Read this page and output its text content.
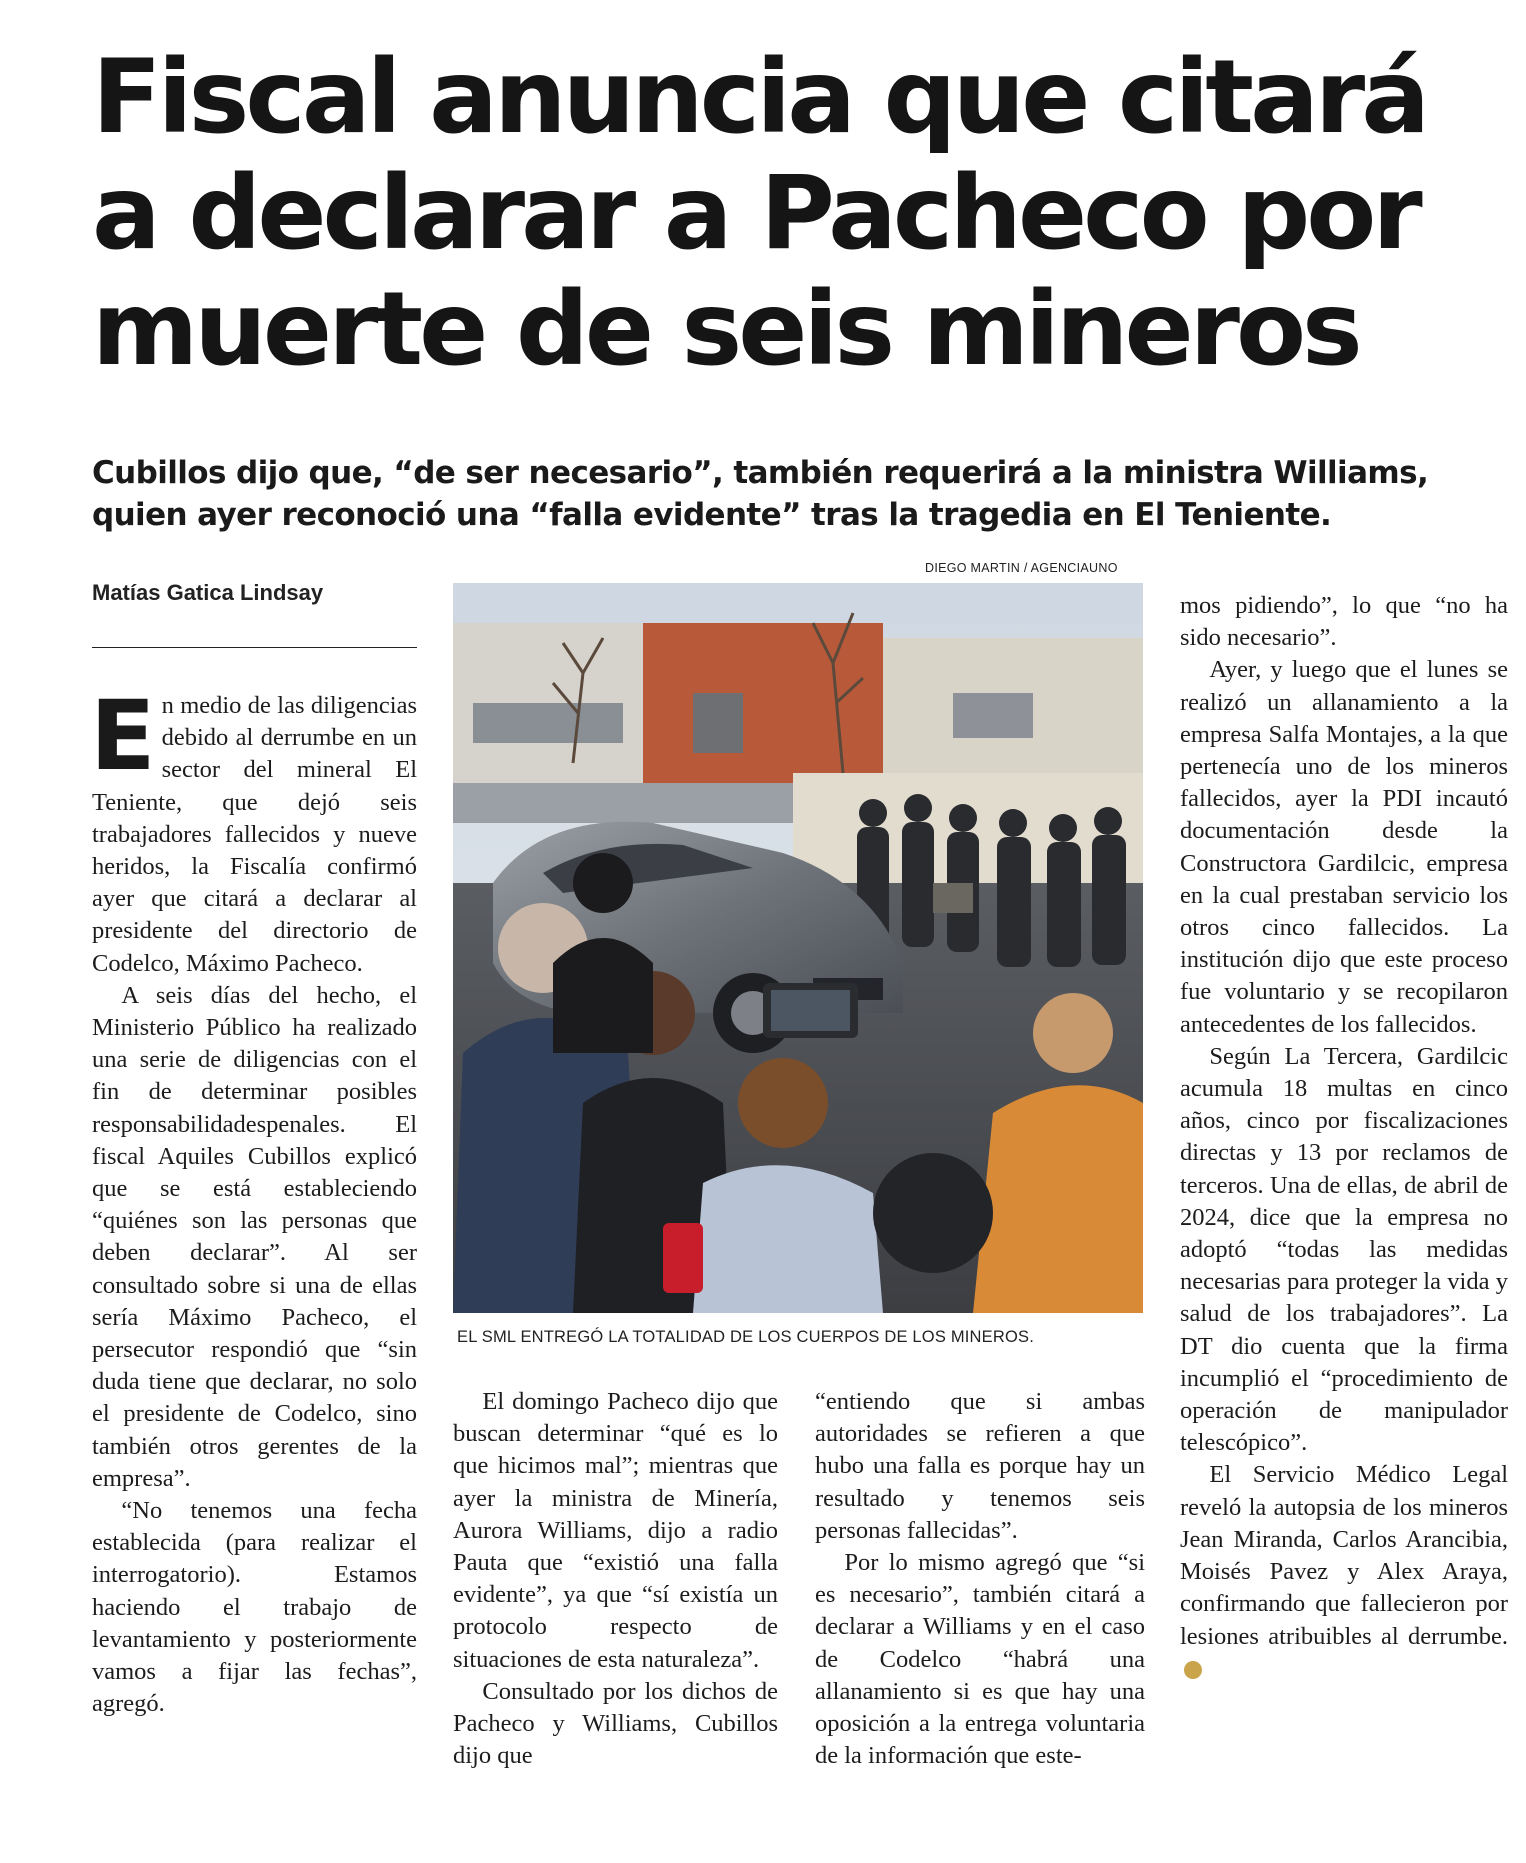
Fiscal anuncia que citará
a declarar a Pacheco por
muerte de seis mineros
Cubillos dijo que, “de ser necesario”, también requerirá a la ministra Williams,
quien ayer reconoció una “falla evidente” tras la tragedia en El Teniente.
Matías Gatica Lindsay
DIEGO MARTIN / AGENCIAUNO
EL SML ENTREGÓ LA TOTALIDAD DE LOS CUERPOS DE LOS MINEROS.

En medio de las diligencias debido al derrumbe en un sector del mineral El Teniente, que dejó seis trabajadores fallecidos y nueve heridos, la Fiscalía confirmó ayer que citará a declarar al presidente del directorio de Codelco, Máximo Pacheco.

A seis días del hecho, el Ministerio Público ha realizado una serie de diligencias con el fin de determinar posibles responsabilidadespenales. El fiscal Aquiles Cubillos explicó que se está estableciendo “quiénes son las personas que deben declarar”. Al ser consultado sobre si una de ellas sería Máximo Pacheco, el persecutor respondió que “sin duda tiene que declarar, no solo el presidente de Codelco, sino también otros gerentes de la empresa”.

“No tenemos una fecha establecida (para realizar el interrogatorio). Estamos haciendo el trabajo de levantamiento y posteriormente vamos a fijar las fechas”, agregó.

El domingo Pacheco dijo que buscan determinar “qué es lo que hicimos mal”; mientras que ayer la ministra de Minería, Aurora Williams, dijo a radio Pauta que “existió una falla evidente”, ya que “sí existía un protocolo respecto de situaciones de esta naturaleza”.

Consultado por los dichos de Pacheco y Williams, Cubillos dijo que

“entiendo que si ambas autoridades se refieren a que hubo una falla es porque hay un resultado y tenemos seis personas fallecidas”.

Por lo mismo agregó que “si es necesario”, también citará a declarar a Williams y en el caso de Codelco “habrá una allanamiento si es que hay una oposición a la entrega voluntaria de la información que este-

mos pidiendo”, lo que “no ha sido necesario”.

Ayer, y luego que el lunes se realizó un allanamiento a la empresa Salfa Montajes, a la que pertenecía uno de los mineros fallecidos, ayer la PDI incautó documentación desde la Constructora Gardilcic, empresa en la cual prestaban servicio los otros cinco fallecidos. La institución dijo que este proceso fue voluntario y se recopilaron antecedentes de los fallecidos.

Según La Tercera, Gardilcic acumula 18 multas en cinco años, cinco por fiscalizaciones directas y 13 por reclamos de terceros. Una de ellas, de abril de 2024, dice que la empresa no adoptó “todas las medidas necesarias para proteger la vida y salud de los trabajadores”. La DT dio cuenta que la firma incumplió el “procedimiento de operación de manipulador telescópico”.

El Servicio Médico Legal reveló la autopsia de los mineros Jean Miranda, Carlos Arancibia, Moisés Pavez y Alex Araya, confirmando que fallecieron por lesiones atribuibles al derrumbe.✪
